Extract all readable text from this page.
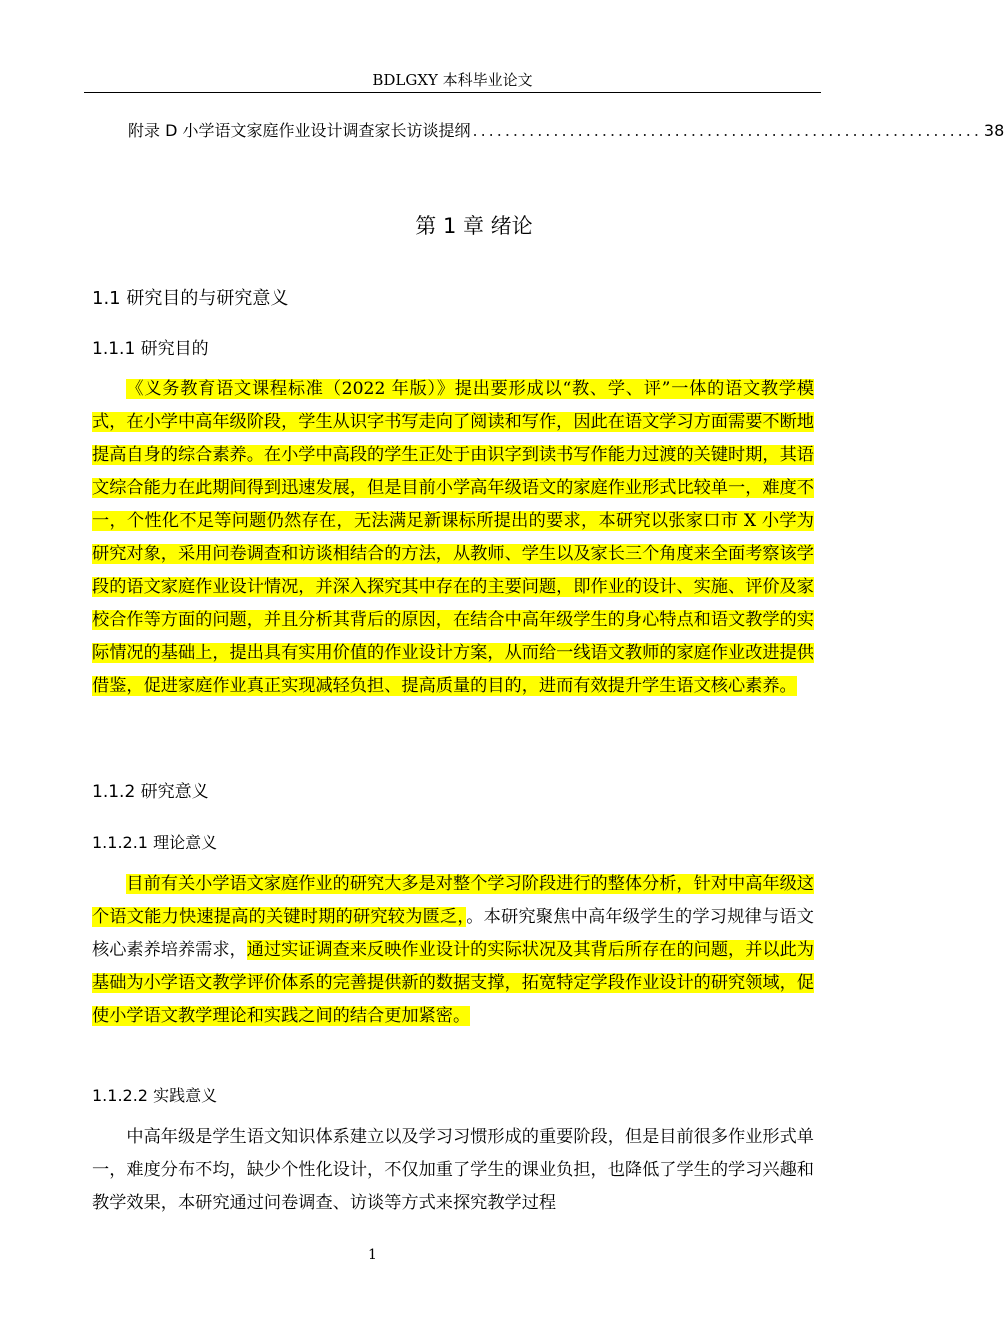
BDLGXY 本科毕业论文
附录 D 小学语文家庭作业设计调查家长访谈提纲 ............................................................... 38
第 1 章 绪论
1.1 研究目的与研究意义
1.1.1 研究目的

《义务教育语文课程标准（2022 年版）》提出要形成以“教、学、评”一体的语文教学模式，在小学中高年级阶段，学生从识字书写走向了阅读和写作，因此在语文学习方面需要不断地提高自身的综合素养。在小学中高段的学生正处于由识字到读书写作能力过渡的关键时期，其语文综合能力在此期间得到迅速发展，但是目前小学高年级语文的家庭作业形式比较单一，难度不一，个性化不足等问题仍然存在，无法满足新课标所提出的要求，本研究以张家口市 X 小学为研究对象，采用问卷调查和访谈相结合的方法，从教师、学生以及家长三个角度来全面考察该学段的语文家庭作业设计情况，并深入探究其中存在的主要问题，即作业的设计、实施、评价及家校合作等方面的问题，并且分析其背后的原因，在结合中高年级学生的身心特点和语文教学的实际情况的基础上，提出具有实用价值的作业设计方案，从而给一线语文教师的家庭作业改进提供借鉴，促进家庭作业真正实现减轻负担、提高质量的目的，进而有效提升学生语文核心素养。

1.1.2 研究意义
1.1.2.1 理论意义

目前有关小学语文家庭作业的研究大多是对整个学习阶段进行的整体分析，针对中高年级这个语文能力快速提高的关键时期的研究较为匮乏，。本研究聚焦中高年级学生的学习规律与语文核心素养培养需求，通过实证调查来反映作业设计的实际状况及其背后所存在的问题，并以此为基础为小学语文教学评价体系的完善提供新的数据支撑，拓宽特定学段作业设计的研究领域，促使小学语文教学理论和实践之间的结合更加紧密。

1.1.2.2 实践意义

中高年级是学生语文知识体系建立以及学习习惯形成的重要阶段，但是目前很多作业形式单一，难度分布不均，缺少个性化设计，不仅加重了学生的课业负担，也降低了学生的学习兴趣和教学效果，本研究通过问卷调查、访谈等方式来探究教学过程

1
